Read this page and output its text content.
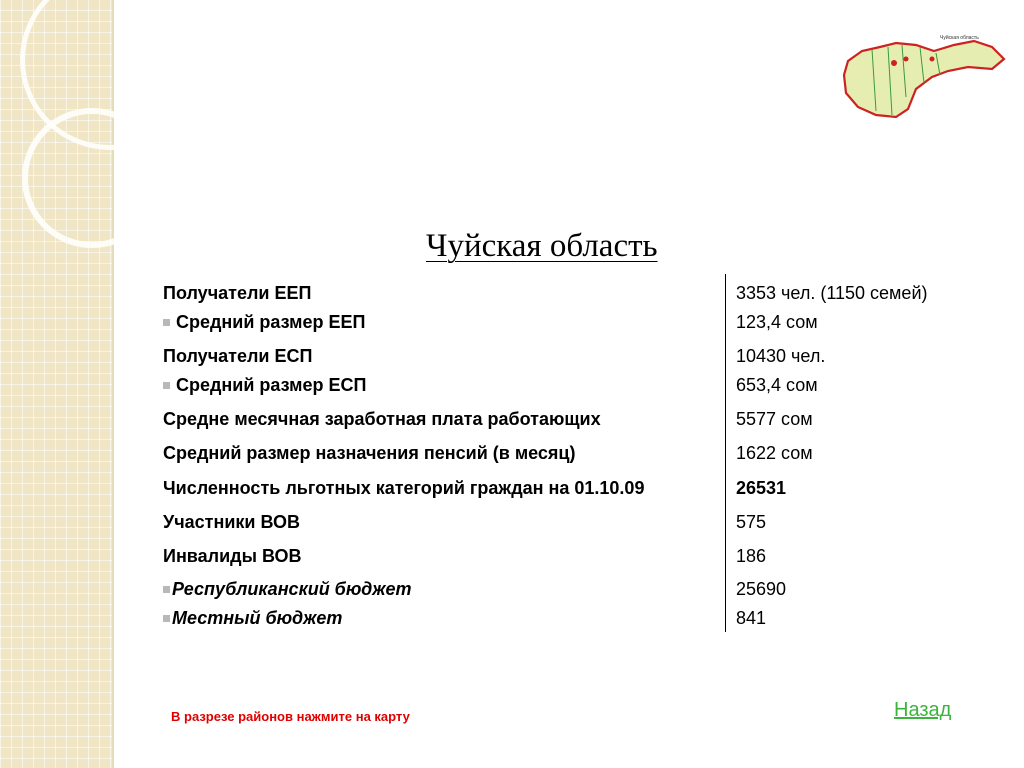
Чуйская область
Чуйская область
Получатели ЕЕП	3353 чел. (1150 семей)
Средний размер ЕЕП	123,4 сом
Получатели ЕСП	10430 чел.
Средний размер ЕСП	653,4 сом
Средне месячная заработная плата работающих	5577 сом
Средний размер назначения пенсий (в месяц)	1622 сом
Численность льготных категорий граждан на 01.10.09	26531
Участники ВОВ	575
Инвалиды ВОВ	186
Республиканский бюджет	25690
Местный бюджет	841
В разрезе районов нажмите на карту	Назад
